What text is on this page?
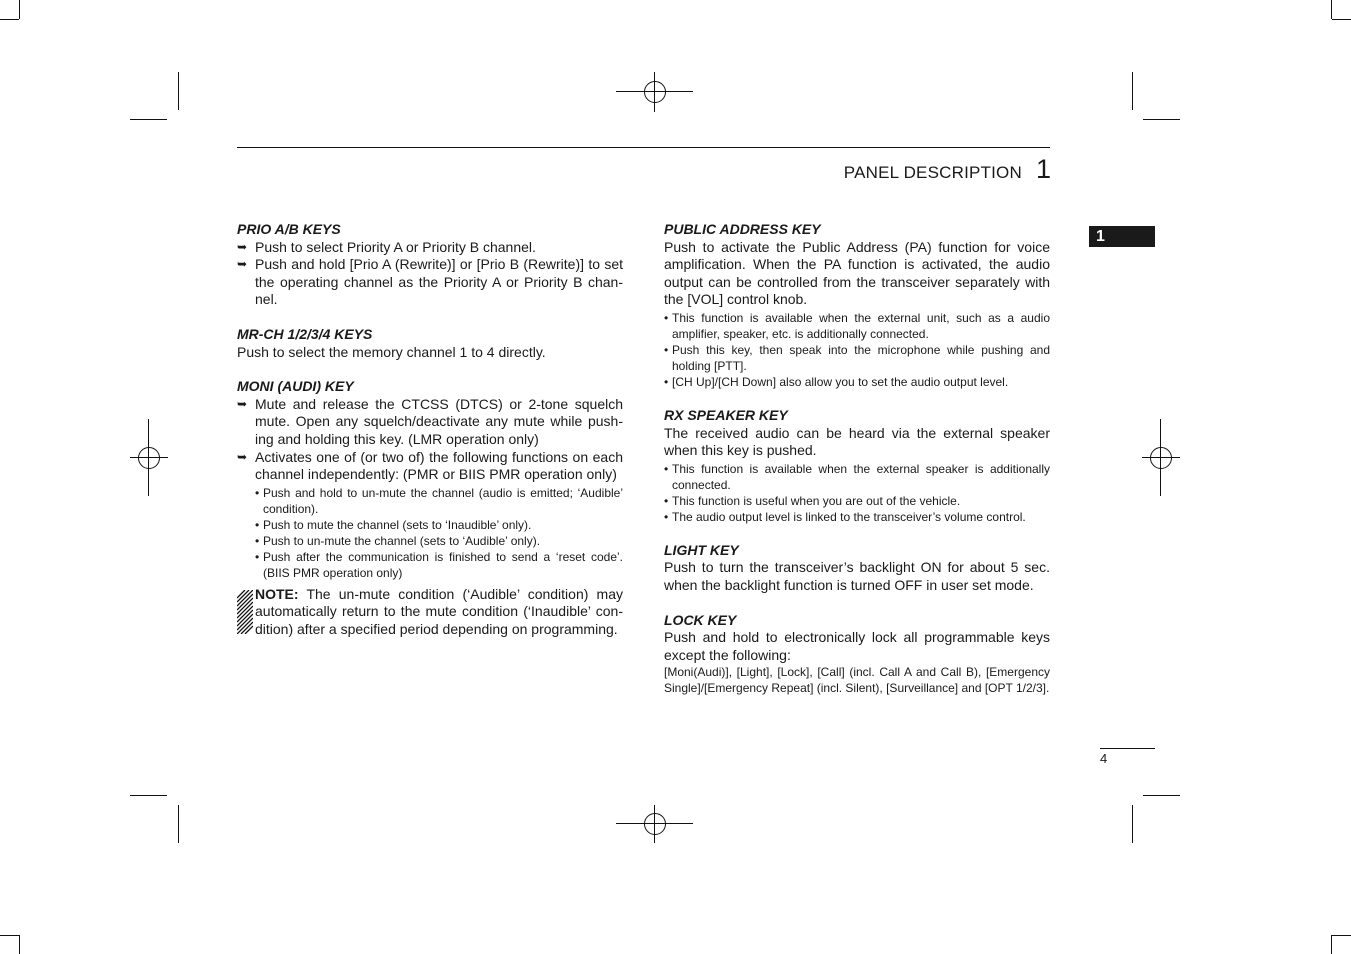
PANEL DESCRIPTION 1
1
PRIO A/B KEYS
➥ Push to select Priority A or Priority B channel.
➥ Push and hold [Prio A (Rewrite)] or [Prio B (Rewrite)] to set the operating channel as the Priority A or Priority B channel.
MR-CH 1/2/3/4 KEYS

Push to select the memory channel 1 to 4 directly.

MONI (AUDI) KEY
➥ Mute and release the CTCSS (DTCS) or 2-tone squelch mute. Open any squelch/deactivate any mute while pushing and holding this key. (LMR operation only)
➥ Activates one of (or two of) the following functions on each channel independently: (PMR or BIIS PMR operation only)
• Push and hold to un-mute the channel (audio is emitted; ‘Audible’ condition).
• Push to mute the channel (sets to ‘Inaudible’ only).
• Push to un-mute the channel (sets to ‘Audible’ only).
• Push after the communication is finished to send a ‘reset code’. (BIIS PMR operation only)

NOTE: The un-mute condition (‘Audible’ condition) may automatically return to the mute condition (‘Inaudible’ condition) after a specified period depending on programming.

PUBLIC ADDRESS KEY

Push to activate the Public Address (PA) function for voice amplification. When the PA function is activated, the audio output can be controlled from the transceiver separately with the [VOL] control knob.

• This function is available when the external unit, such as a audio amplifier, speaker, etc. is additionally connected.
• Push this key, then speak into the microphone while pushing and holding [PTT].
• [CH Up]/[CH Down] also allow you to set the audio output level.
RX SPEAKER KEY

The received audio can be heard via the external speaker when this key is pushed.

• This function is available when the external speaker is additionally connected.
• This function is useful when you are out of the vehicle.
• The audio output level is linked to the transceiver’s volume control.
LIGHT KEY

Push to turn the transceiver’s backlight ON for about 5 sec. when the backlight function is turned OFF in user set mode.

LOCK KEY

Push and hold to electronically lock all programmable keys except the following:

[Moni(Audi)], [Light], [Lock], [Call] (incl. Call A and Call B), [Emergency Single]/[Emergency Repeat] (incl. Silent), [Surveillance] and [OPT 1/2/3].

4
